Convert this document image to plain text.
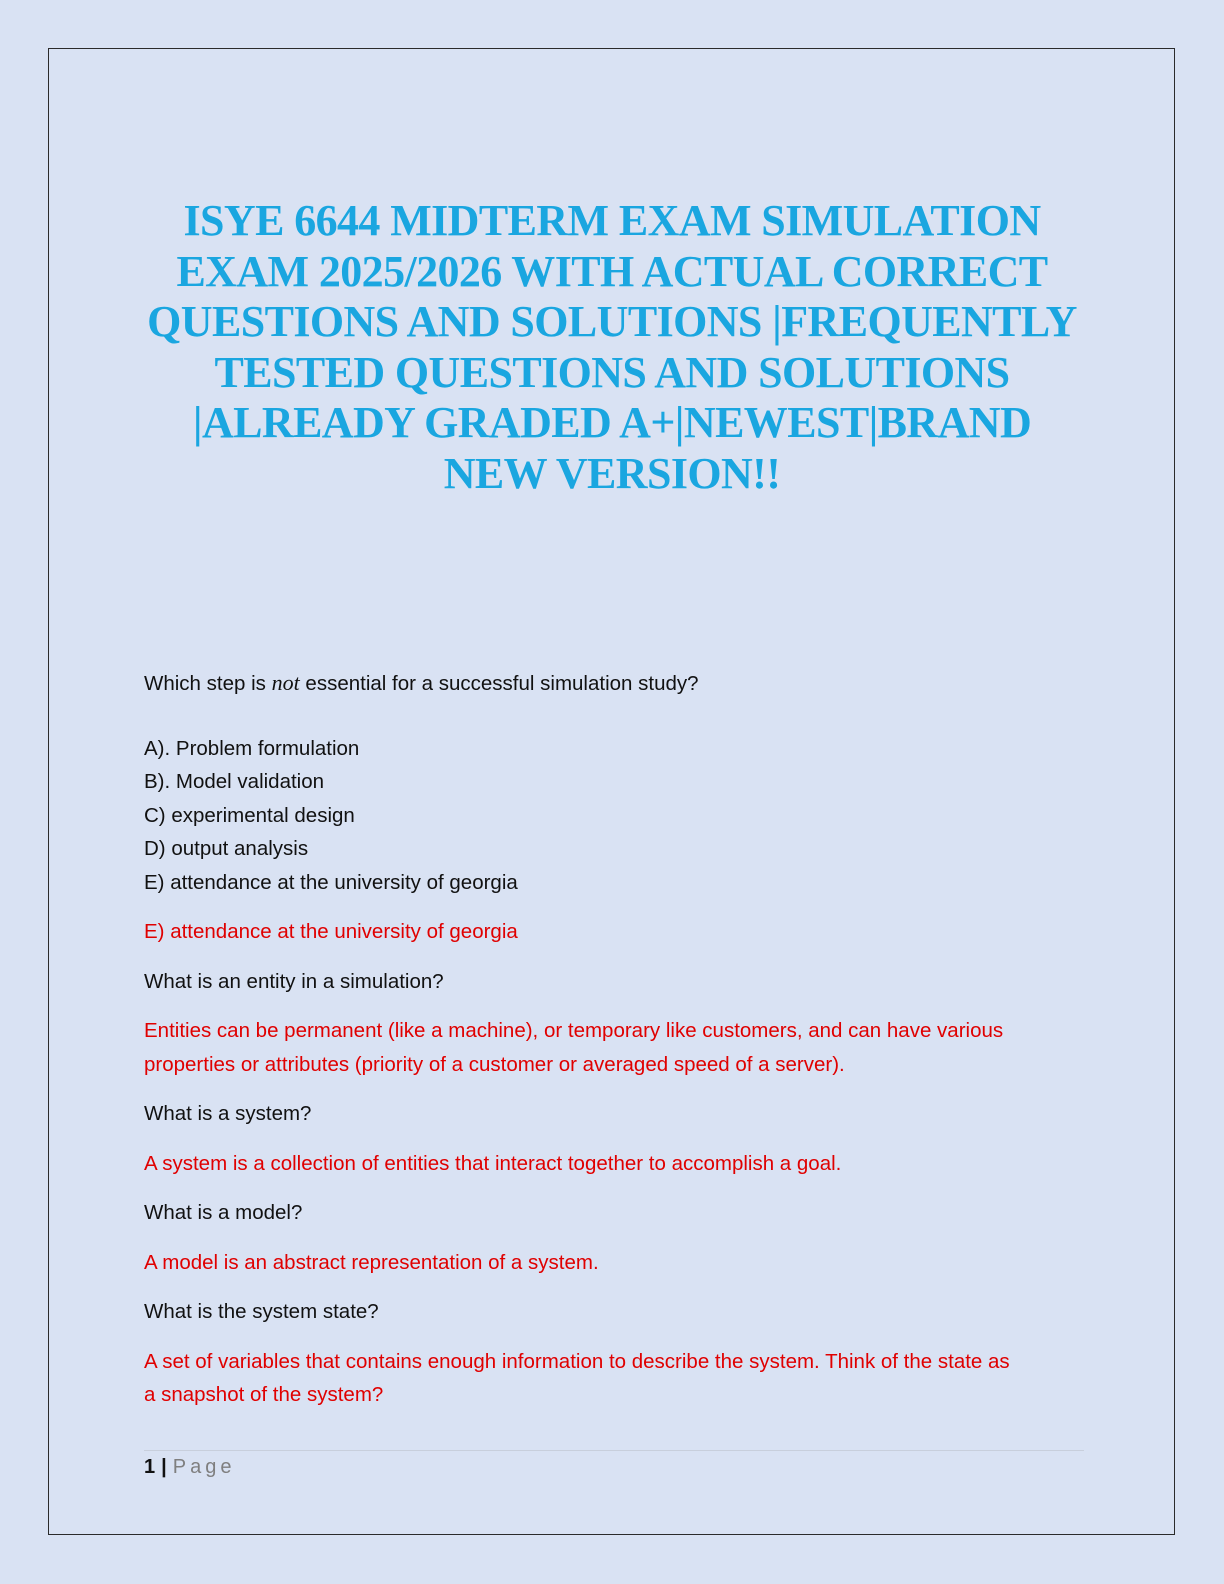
ISYE 6644 MIDTERM EXAM SIMULATION
EXAM 2025/2026 WITH ACTUAL CORRECT
QUESTIONS AND SOLUTIONS |FREQUENTLY
TESTED QUESTIONS AND SOLUTIONS
|ALREADY GRADED A+|NEWEST|BRAND
NEW VERSION!!
Which step is not essential for a successful simulation study?
A). Problem formulation
B). Model validation
C) experimental design
D) output analysis
E) attendance at the university of georgia
E) attendance at the university of georgia
What is an entity in a simulation?
Entities can be permanent (like a machine), or temporary like customers, and can have various
properties or attributes (priority of a customer or averaged speed of a server).
What is a system?
A system is a collection of entities that interact together to accomplish a goal.
What is a model?
A model is an abstract representation of a system.
What is the system state?
A set of variables that contains enough information to describe the system. Think of the state as
a snapshot of the system?
1 | Page
